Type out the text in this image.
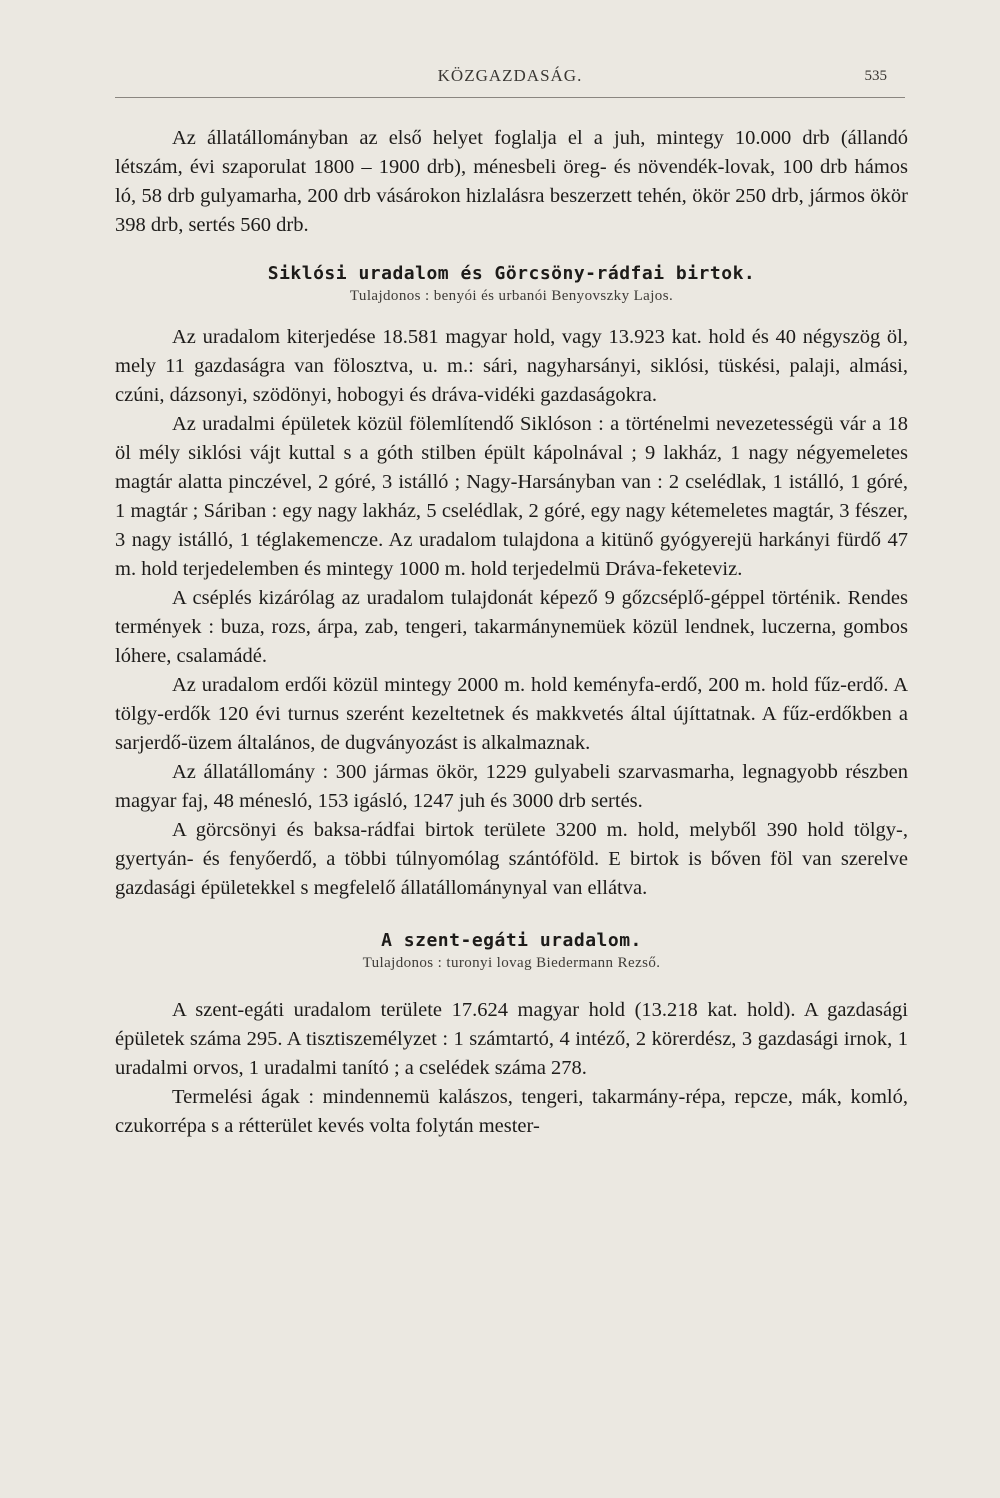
KÖZGAZDASÁG.	535

Az állatállományban az első helyet foglalja el a juh, mintegy 10.000 drb (állandó létszám, évi szaporulat 1800 – 1900 drb), ménesbeli öreg- és növendék-lovak, 100 drb hámos ló, 58 drb gulyamarha, 200 drb vásárokon hizlalásra beszerzett tehén, ökör 250 drb, jármos ökör 398 drb, sertés 560 drb.

Siklósi uradalom és Görcsöny-rádfai birtok.
Tulajdonos : benyói és urbanói Benyovszky Lajos.

Az uradalom kiterjedése 18.581 magyar hold, vagy 13.923 kat. hold és 40 négyszög öl, mely 11 gazdaságra van fölosztva, u. m.: sári, nagyharsányi, siklósi, tüskési, palaji, almási, czúni, dázsonyi, szödönyi, hobogyi és dráva-vidéki gazdaságokra.

Az uradalmi épületek közül fölemlítendő Siklóson : a történelmi nevezetességü vár a 18 öl mély siklósi vájt kuttal s a góth stilben épült kápolnával ; 9 lakház, 1 nagy négyemeletes magtár alatta pinczével, 2 góré, 3 istálló ; Nagy-Harsányban van : 2 cselédlak, 1 istálló, 1 góré, 1 magtár ; Sáriban : egy nagy lakház, 5 cselédlak, 2 góré, egy nagy kétemeletes magtár, 3 fészer, 3 nagy istálló, 1 téglakemencze. Az uradalom tulajdona a kitünő gyógyerejü harkányi fürdő 47 m. hold terjedelemben és mintegy 1000 m. hold terjedelmü Dráva-feketeviz.

A cséplés kizárólag az uradalom tulajdonát képező 9 gőzcséplő-géppel történik. Rendes termények : buza, rozs, árpa, zab, tengeri, takarmánynemüek közül lendnek, luczerna, gombos lóhere, csalamádé.

Az uradalom erdői közül mintegy 2000 m. hold keményfa-erdő, 200 m. hold fűz-erdő. A tölgy-erdők 120 évi turnus szerént kezeltetnek és makkvetés által újíttatnak. A fűz-erdőkben a sarjerdő-üzem általános, de dugványozást is alkalmaznak.

Az állatállomány : 300 jármas ökör, 1229 gulyabeli szarvasmarha, legnagyobb részben magyar faj, 48 ménesló, 153 igásló, 1247 juh és 3000 drb sertés.

A görcsönyi és baksa-rádfai birtok területe 3200 m. hold, melyből 390 hold tölgy-, gyertyán- és fenyőerdő, a többi túlnyomólag szántóföld. E birtok is bőven föl van szerelve gazdasági épületekkel s megfelelő állatállománynyal van ellátva.

A szent-egáti uradalom.
Tulajdonos : turonyi lovag Biedermann Rezső.

A szent-egáti uradalom területe 17.624 magyar hold (13.218 kat. hold). A gazdasági épületek száma 295. A tisztiszemélyzet : 1 számtartó, 4 intéző, 2 körerdész, 3 gazdasági irnok, 1 uradalmi orvos, 1 uradalmi tanító ; a cselédek száma 278.

Termelési ágak : mindennemü kalászos, tengeri, takarmány-répa, repcze, mák, komló, czukorrépa s a rétterület kevés volta folytán mester-
